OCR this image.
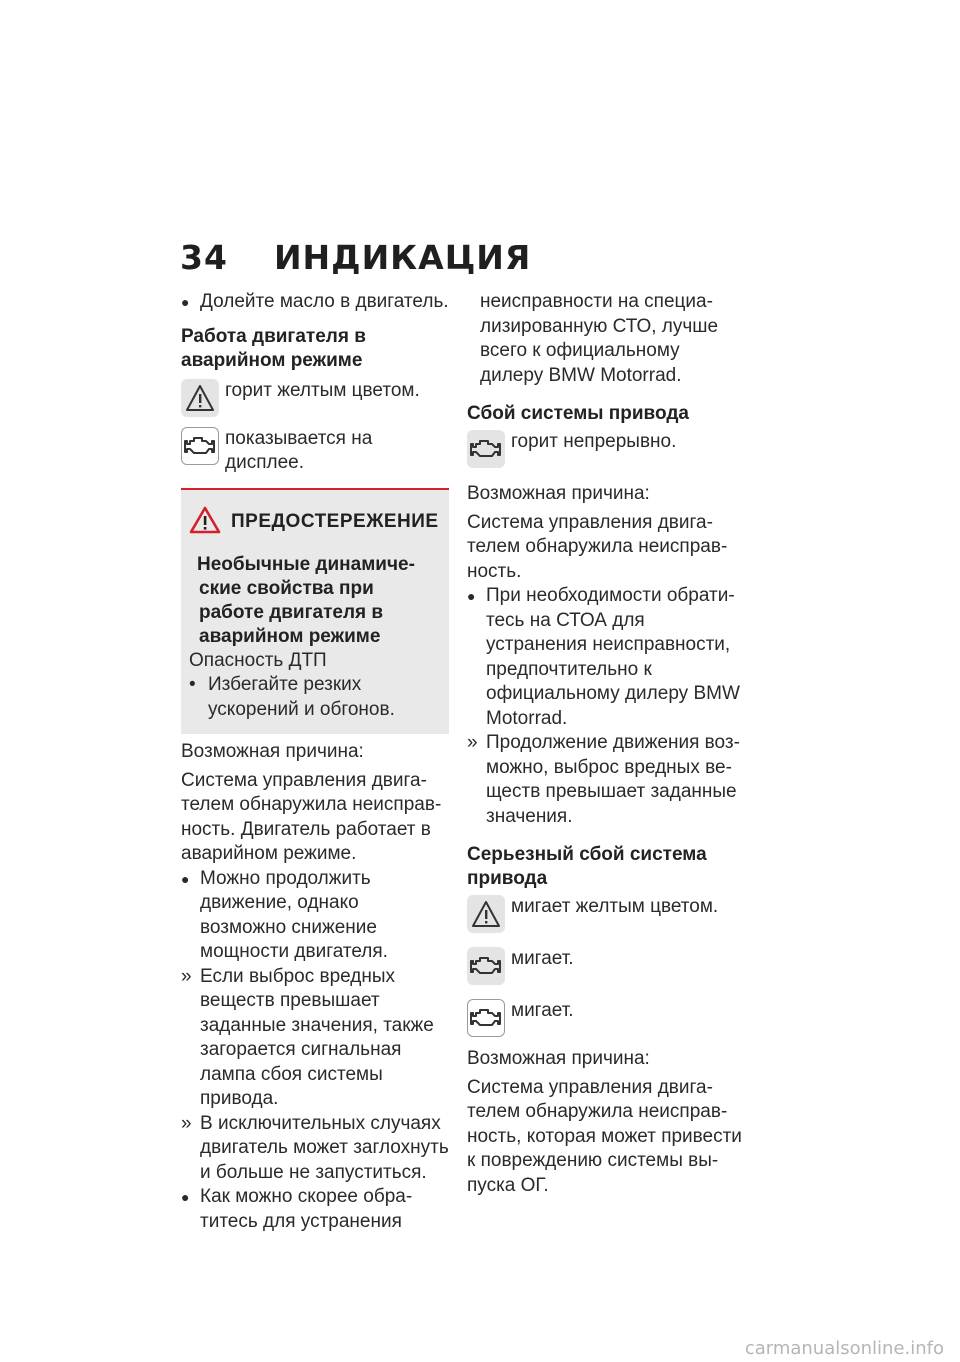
34 ИНДИКАЦИЯ
● Долейте масло в двигатель.

Работа двигателя в аварийном режиме

горит желтым цветом.

показывается на дисплее.

ПРЕДОСТЕРЕЖЕНИЕ

Необычные динамические свойства при работе двигателя в аварийном режиме

Опасность ДТП

• Избегайте резких ускорений и обгонов.

Возможная причина:

Система управления двигателем обнаружила неисправность. Двигатель работает в аварийном режиме.

● Можно продолжить движение, однако возможно снижение мощности двигателя.
» Если выброс вредных веществ превышает заданные значения, также загорается сигнальная лампа сбоя системы привода.
» В исключительных случаях двигатель может заглохнуть и больше не запуститься.
● Как можно скорее обратитесь для устранения

неисправности на специализированную СТО, лучше всего к официальному дилеру BMW Motorrad.

Сбой системы привода

горит непрерывно.

Возможная причина:

Система управления двигателем обнаружила неисправность.

● При необходимости обратитесь на СТОА для устранения неисправности, предпочтительно к официальному дилеру BMW Motorrad.
» Продолжение движения возможно, выброс вредных веществ превышает заданные значения.

Серьезный сбой система привода

мигает желтым цветом.

мигает.

мигает.

Возможная причина:

Система управления двигателем обнаружила неисправность, которая может привести к повреждению системы выпуска ОГ.

carmanualsonline.info
